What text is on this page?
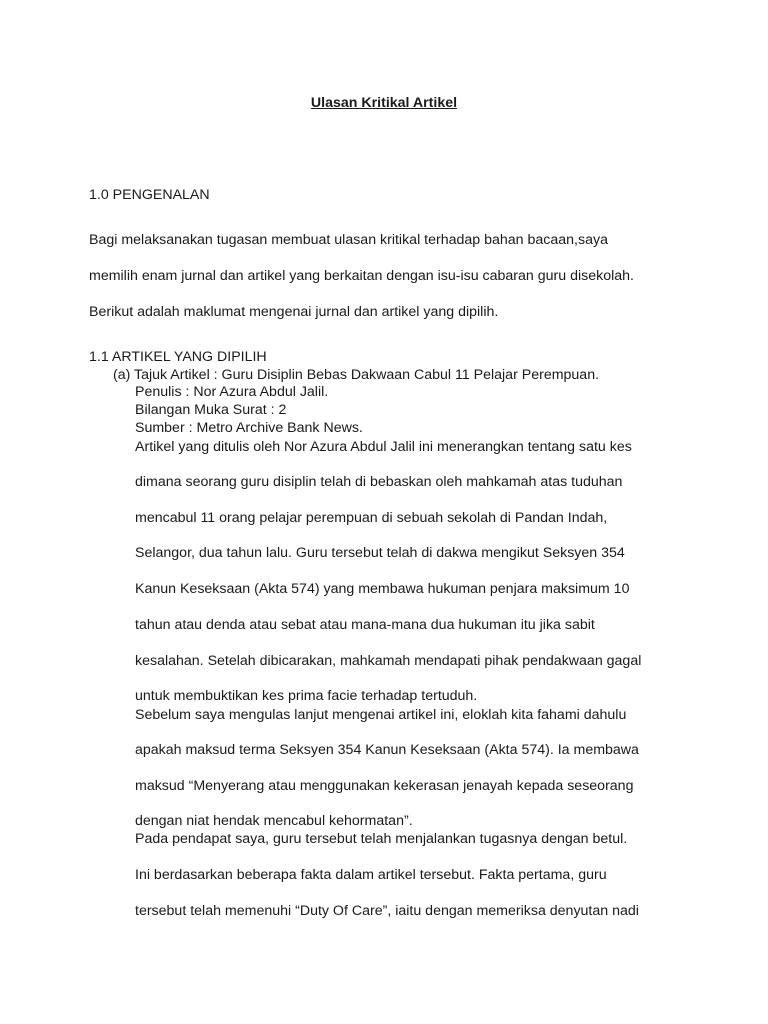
Ulasan Kritikal Artikel
1.0 PENGENALAN
Bagi melaksanakan tugasan membuat ulasan kritikal terhadap bahan bacaan,saya
memilih enam jurnal dan artikel yang berkaitan dengan isu-isu cabaran guru disekolah.
Berikut adalah maklumat mengenai jurnal dan artikel yang dipilih.
1.1 ARTIKEL YANG DIPILIH
(a) Tajuk Artikel : Guru Disiplin Bebas Dakwaan Cabul 11 Pelajar Perempuan.
Penulis : Nor Azura Abdul Jalil.
Bilangan Muka Surat : 2
Sumber : Metro Archive Bank News.
Artikel yang ditulis oleh Nor Azura Abdul Jalil ini menerangkan tentang satu kes
dimana seorang guru disiplin telah di bebaskan oleh mahkamah atas tuduhan
mencabul 11 orang pelajar perempuan di sebuah sekolah di Pandan Indah,
Selangor, dua tahun lalu. Guru tersebut telah di dakwa mengikut Seksyen 354
Kanun Keseksaan (Akta 574) yang membawa hukuman penjara maksimum 10
tahun atau denda atau sebat atau mana-mana dua hukuman itu jika sabit
kesalahan. Setelah dibicarakan, mahkamah mendapati pihak pendakwaan gagal
untuk membuktikan kes prima facie terhadap tertuduh.
Sebelum saya mengulas lanjut mengenai artikel ini, eloklah kita fahami dahulu
apakah maksud terma Seksyen 354 Kanun Keseksaan (Akta 574). Ia membawa
maksud “Menyerang atau menggunakan kekerasan jenayah kepada seseorang
dengan niat hendak mencabul kehormatan”.
Pada pendapat saya, guru tersebut telah menjalankan tugasnya dengan betul.
Ini berdasarkan beberapa fakta dalam artikel tersebut. Fakta pertama, guru
tersebut telah memenuhi “Duty Of Care”, iaitu dengan memeriksa denyutan nadi
